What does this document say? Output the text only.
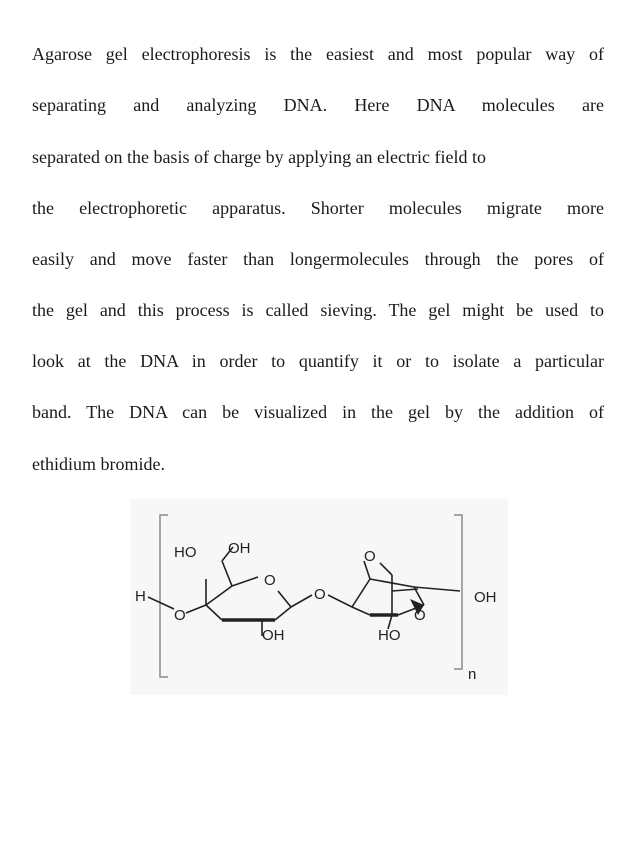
Agarose gel electrophoresis is the easiest and most popular way of
separating and analyzing DNA. Here DNA molecules are
separated on the basis of charge by applying an electric field to
the electrophoretic apparatus. Shorter molecules migrate more
easily and move faster than longermolecules through the pores of
the gel and this process is called sieving. The gel might be used to
look at the DNA in order to quantify it or to isolate a particular
band. The DNA can be visualized in the gel by the addition of
ethidium bromide.
HO OH
H
O
O
OH
O
O
HO
O
OH
n
